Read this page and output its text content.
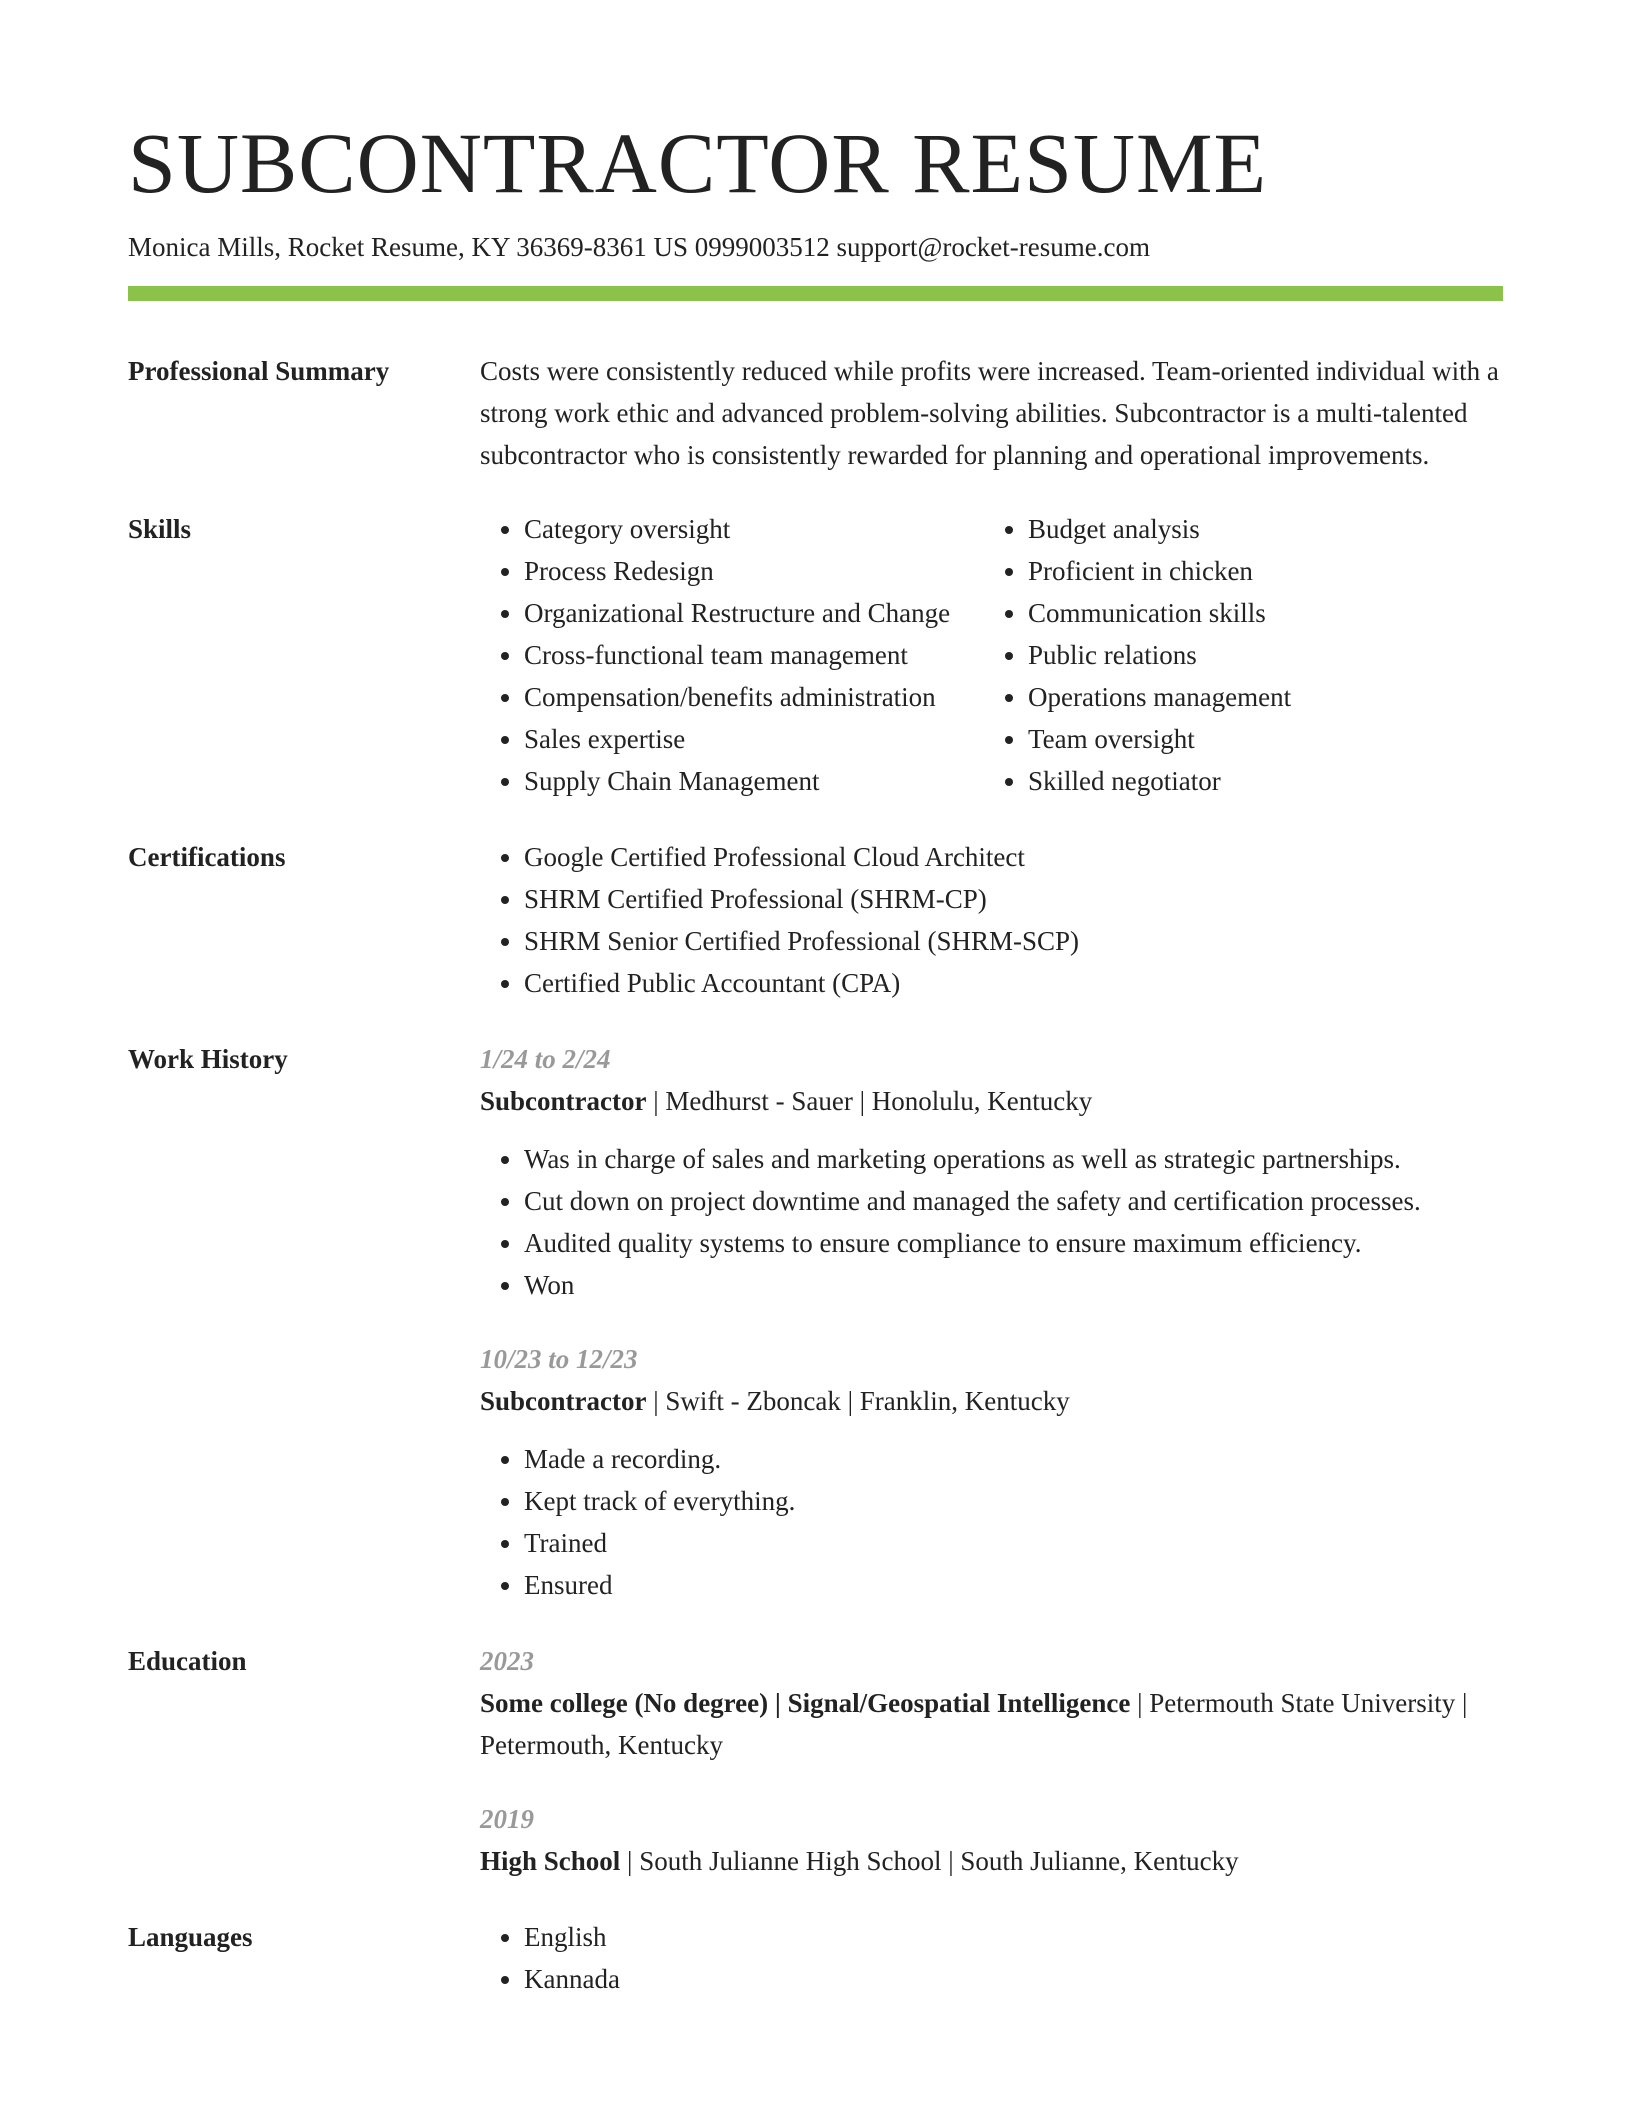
SUBCONTRACTOR RESUME
Monica Mills, Rocket Resume, KY 36369-8361 US 0999003512 support@rocket-resume.com
Professional Summary	Costs were consistently reduced while profits were increased. Team-oriented individual with a strong work ethic and advanced problem-solving abilities. Subcontractor is a multi-talented subcontractor who is consistently rewarded for planning and operational improvements.

Skills	• Category oversight
• Process Redesign
• Organizational Restructure and Change
• Cross-functional team management
• Compensation/benefits administration
• Sales expertise
• Supply Chain Management
• Budget analysis
• Proficient in chicken
• Communication skills
• Public relations
• Operations management
• Team oversight
• Skilled negotiator
Certifications	• Google Certified Professional Cloud Architect
• SHRM Certified Professional (SHRM-CP)
• SHRM Senior Certified Professional (SHRM-SCP)
• Certified Public Accountant (CPA)
Work History	1/24 to 2/24
Subcontractor | Medhurst - Sauer | Honolulu, Kentucky
• Was in charge of sales and marketing operations as well as strategic partnerships.
• Cut down on project downtime and managed the safety and certification processes.
• Audited quality systems to ensure compliance to ensure maximum efficiency.
• Won
10/23 to 12/23
Subcontractor | Swift - Zboncak | Franklin, Kentucky
• Made a recording.
• Kept track of everything.
• Trained
• Ensured
Education	2023
Some college (No degree) | Signal/Geospatial Intelligence | Petermouth State University | Petermouth, Kentucky
2019
High School | South Julianne High School | South Julianne, Kentucky
Languages	• English
• Kannada
